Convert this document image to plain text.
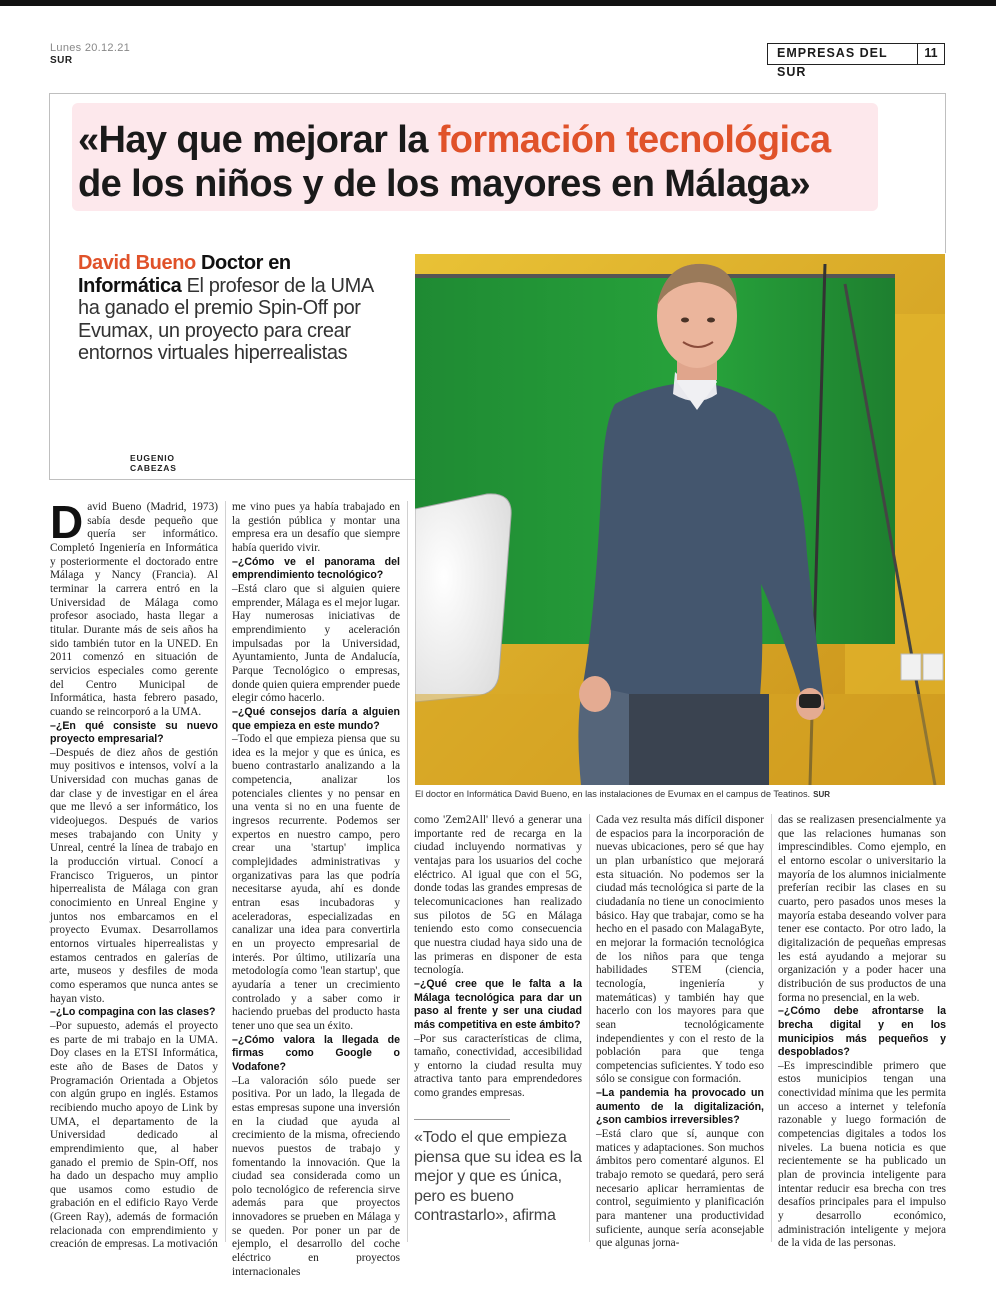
Lunes 20.12.21
SUR
EMPRESAS DEL SUR
11
«Hay que mejorar la formación tecnológica
de los niños y de los mayores en Málaga»
David Bueno Doctor en Informática El profesor de la UMA ha ganado el premio Spin-Off por Evumax, un proyecto para crear entornos virtuales hiperrealistas
EUGENIO
CABEZAS
El doctor en Informática David Bueno, en las instalaciones de Evumax en el campus de Teatinos. SUR

David Bueno (Madrid, 1973) sabía desde pequeño que quería ser informático. Completó Ingeniería en Informática y posteriormente el doctorado entre Málaga y Nancy (Francia). Al terminar la carrera entró en la Universidad de Málaga como profesor asociado, hasta llegar a titular. Durante más de seis años ha sido también tutor en la UNED. En 2011 comenzó en situación de servicios especiales como gerente del Centro Municipal de Informática, hasta febrero pasado, cuando se reincorporó a la UMA.

–¿En qué consiste su nuevo proyecto empresarial?

–Después de diez años de gestión muy positivos e intensos, volví a la Universidad con muchas ganas de dar clase y de investigar en el área que me llevó a ser informático, los videojuegos. Después de varios meses trabajando con Unity y Unreal, centré la línea de trabajo en la producción virtual. Conocí a Francisco Trigueros, un pintor hiperrealista de Málaga con gran conocimiento en Unreal Engine y juntos nos embarcamos en el proyecto Evumax. Desarrollamos entornos virtuales hiperrealistas y estamos centrados en galerías de arte, museos y desfiles de moda como esperamos que nunca antes se hayan visto.

–¿Lo compagina con las clases?

–Por supuesto, además el proyecto es parte de mi trabajo en la UMA. Doy clases en la ETSI Informática, este año de Bases de Datos y Programación Orientada a Objetos con algún grupo en inglés. Estamos recibiendo mucho apoyo de Link by UMA, el departamento de la Universidad dedicado al emprendimiento que, al haber ganado el premio de Spin-Off, nos ha dado un despacho muy amplio que usamos como estudio de grabación en el edificio Rayo Verde (Green Ray), además de formación relacionada con emprendimiento y creación de empresas. La motivación

me vino pues ya había trabajado en la gestión pública y montar una empresa era un desafío que siempre había querido vivir.

–¿Cómo ve el panorama del emprendimiento tecnológico?

–Está claro que si alguien quiere emprender, Málaga es el mejor lugar. Hay numerosas iniciativas de emprendimiento y aceleración impulsadas por la Universidad, Ayuntamiento, Junta de Andalucía, Parque Tecnológico o empresas, donde quien quiera emprender puede elegir cómo hacerlo.

–¿Qué consejos daría a alguien que empieza en este mundo?

–Todo el que empieza piensa que su idea es la mejor y que es única, es bueno contrastarlo analizando a la competencia, analizar los potenciales clientes y no pensar en una venta si no en una fuente de ingresos recurrente. Podemos ser expertos en nuestro campo, pero crear una 'startup' implica complejidades administrativas y organizativas para las que podría necesitarse ayuda, ahí es donde entran esas incubadoras y aceleradoras, especializadas en canalizar una idea para convertirla en un proyecto empresarial de interés. Por último, utilizaría una metodología como 'lean startup', que ayudaría a tener un crecimiento controlado y a saber como ir haciendo pruebas del producto hasta tener uno que sea un éxito.

–¿Cómo valora la llegada de firmas como Google o Vodafone?

–La valoración sólo puede ser positiva. Por un lado, la llegada de estas empresas supone una inversión en la ciudad que ayuda al crecimiento de la misma, ofreciendo nuevos puestos de trabajo y fomentando la innovación. Que la ciudad sea considerada como un polo tecnológico de referencia sirve además para que proyectos innovadores se prueben en Málaga y se queden. Por poner un par de ejemplo, el desarrollo del coche eléctrico en proyectos internacionales

como 'Zem2All' llevó a generar una importante red de recarga en la ciudad incluyendo normativas y ventajas para los usuarios del coche eléctrico. Al igual que con el 5G, donde todas las grandes empresas de telecomunicaciones han realizado sus pilotos de 5G en Málaga teniendo esto como consecuencia que nuestra ciudad haya sido una de las primeras en disponer de esta tecnología.

–¿Qué cree que le falta a la Málaga tecnológica para dar un paso al frente y ser una ciudad más competitiva en este ámbito?

–Por sus características de clima, tamaño, conectividad, accesibilidad y entorno la ciudad resulta muy atractiva tanto para emprendedores como grandes empresas.

«Todo el que empieza piensa que su idea es la mejor y que es única, pero es bueno contrastarlo», afirma

Cada vez resulta más difícil disponer de espacios para la incorporación de nuevas ubicaciones, pero sé que hay un plan urbanístico que mejorará esta situación. No podemos ser la ciudad más tecnológica si parte de la ciudadanía no tiene un conocimiento básico. Hay que trabajar, como se ha hecho en el pasado con MalagaByte, en mejorar la formación tecnológica de los niños para que tenga habilidades STEM (ciencia, tecnología, ingeniería y matemáticas) y también hay que hacerlo con los mayores para que sean tecnológicamente independientes y con el resto de la población para que tenga competencias suficientes. Y todo eso sólo se consigue con formación.

–La pandemia ha provocado un aumento de la digitalización, ¿son cambios irreversibles?

–Está claro que sí, aunque con matices y adaptaciones. Son muchos ámbitos pero comentaré algunos. El trabajo remoto se quedará, pero será necesario aplicar herramientas de control, seguimiento y planificación para mantener una productividad suficiente, aunque sería aconsejable que algunas jorna-

das se realizasen presencialmente ya que las relaciones humanas son imprescindibles. Como ejemplo, en el entorno escolar o universitario la mayoría de los alumnos inicialmente preferían recibir las clases en su cuarto, pero pasados unos meses la mayoría estaba deseando volver para tener ese contacto. Por otro lado, la digitalización de pequeñas empresas les está ayudando a mejorar su organización y a poder hacer una distribución de sus productos de una forma no presencial, en la web.

–¿Cómo debe afrontarse la brecha digital y en los municipios más pequeños y despoblados?

–Es imprescindible primero que estos municipios tengan una conectividad mínima que les permita un acceso a internet y telefonía razonable y luego formación de competencias digitales a todos los niveles. La buena noticia es que recientemente se ha publicado un plan de provincia inteligente para intentar reducir esa brecha con tres desafíos principales para el impulso y desarrollo económico, administración inteligente y mejora de la vida de las personas.
